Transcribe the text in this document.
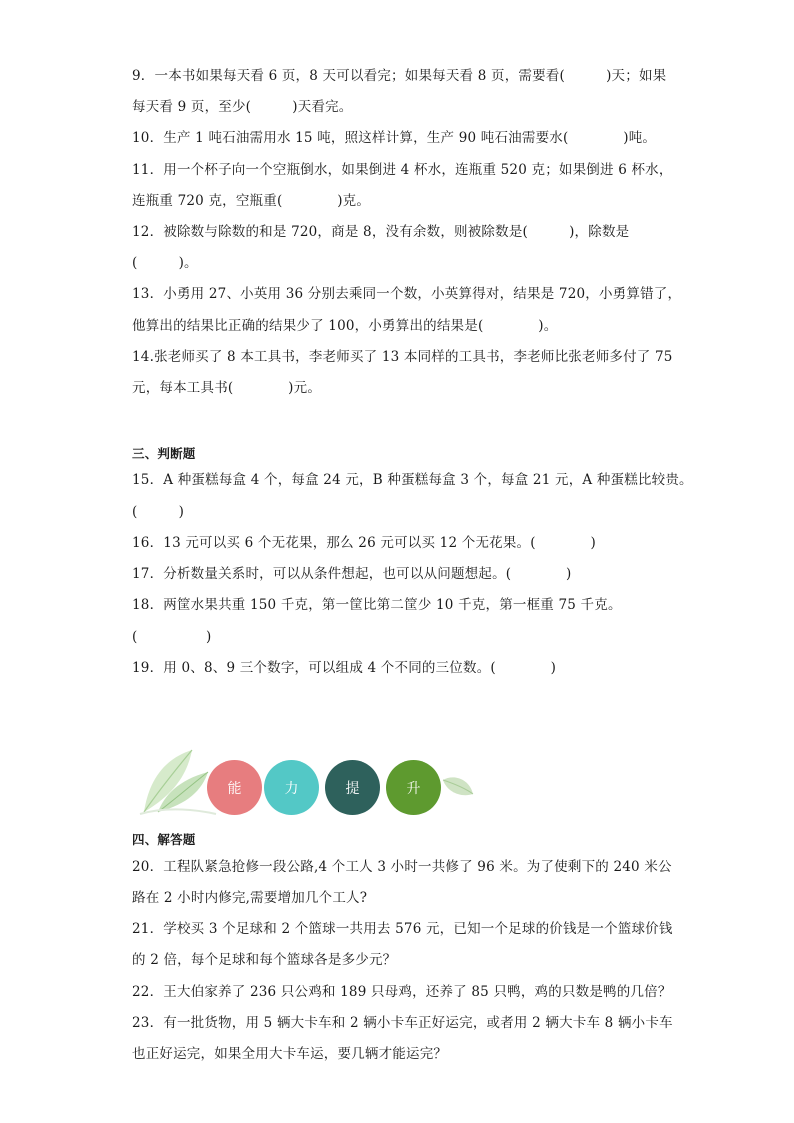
9．一本书如果每天看 6 页，8 天可以看完；如果每天看 8 页，需要看(　　　)天；如果
每天看 9 页，至少(　　　)天看完。
10．生产 1 吨石油需用水 15 吨，照这样计算，生产 90 吨石油需要水(　　　　)吨。
11．用一个杯子向一个空瓶倒水，如果倒进 4 杯水，连瓶重 520 克；如果倒进 6 杯水，
连瓶重 720 克，空瓶重(　　　　)克。
12．被除数与除数的和是 720，商是 8，没有余数，则被除数是(　　　)，除数是
(　　　)。
13．小勇用 27、小英用 36 分别去乘同一个数，小英算得对，结果是 720，小勇算错了，
他算出的结果比正确的结果少了 100，小勇算出的结果是(　　　　)。
14.张老师买了 8 本工具书，李老师买了 13 本同样的工具书，李老师比张老师多付了 75
元，每本工具书(　　　　)元。
三、判断题
15．A 种蛋糕每盒 4 个，每盒 24 元，B 种蛋糕每盒 3 个，每盒 21 元，A 种蛋糕比较贵。
(　　　)
16．13 元可以买 6 个无花果，那么 26 元可以买 12 个无花果。(　　　　)
17．分析数量关系时，可以从条件想起，也可以从问题想起。(　　　　)
18．两筐水果共重 150 千克，第一筐比第二筐少 10 千克，第一框重 75 千克。
(　　　　　)
19．用 0、8、9 三个数字，可以组成 4 个不同的三位数。(　　　　)
能	力	提	升
四、解答题
20．工程队紧急抢修一段公路,4 个工人 3 小时一共修了 96 米。为了使剩下的 240 米公
路在 2 小时内修完,需要增加几个工人?
21．学校买 3 个足球和 2 个篮球一共用去 576 元，已知一个足球的价钱是一个篮球价钱
的 2 倍，每个足球和每个篮球各是多少元？
22．王大伯家养了 236 只公鸡和 189 只母鸡，还养了 85 只鸭，鸡的只数是鸭的几倍？
23．有一批货物，用 5 辆大卡车和 2 辆小卡车正好运完，或者用 2 辆大卡车 8 辆小卡车
也正好运完，如果全用大卡车运，要几辆才能运完？
